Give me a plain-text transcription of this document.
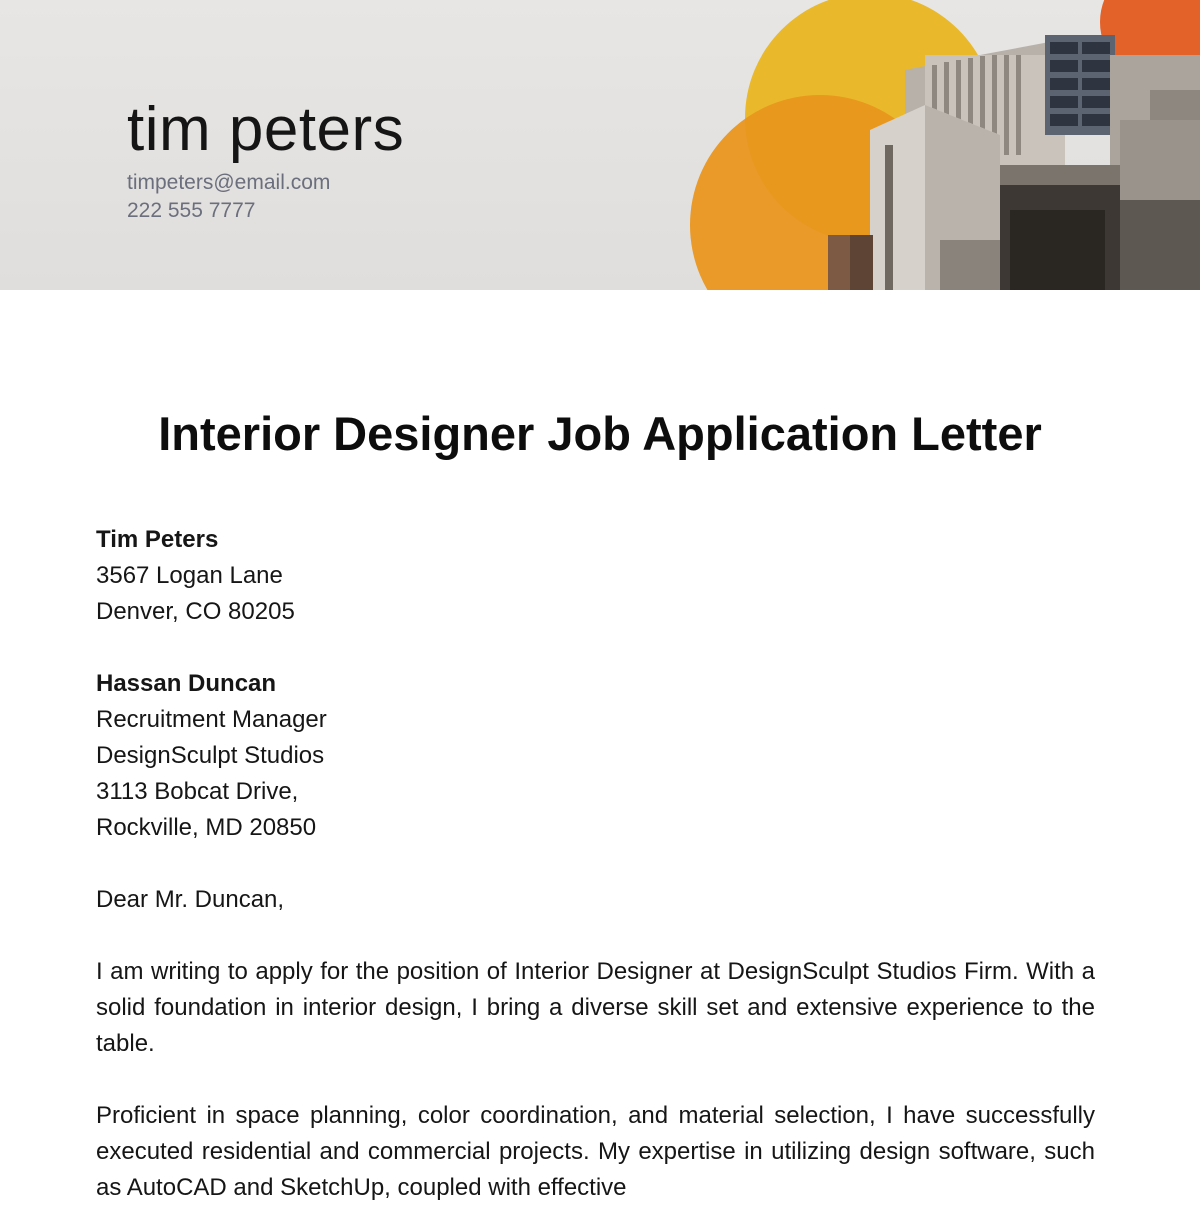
tim peters
timpeters@email.com
222 555 7777
Interior Designer Job Application Letter
Tim Peters
3567 Logan Lane
Denver, CO 80205
Hassan Duncan
Recruitment Manager
DesignSculpt Studios
3113 Bobcat Drive,
Rockville, MD 20850
Dear Mr. Duncan,

I am writing to apply for the position of Interior Designer at DesignSculpt Studios Firm. With a solid foundation in interior design, I bring a diverse skill set and extensive experience to the table.

Proficient in space planning, color coordination, and material selection, I have successfully executed residential and commercial projects. My expertise in utilizing design software, such as AutoCAD and SketchUp, coupled with effective
